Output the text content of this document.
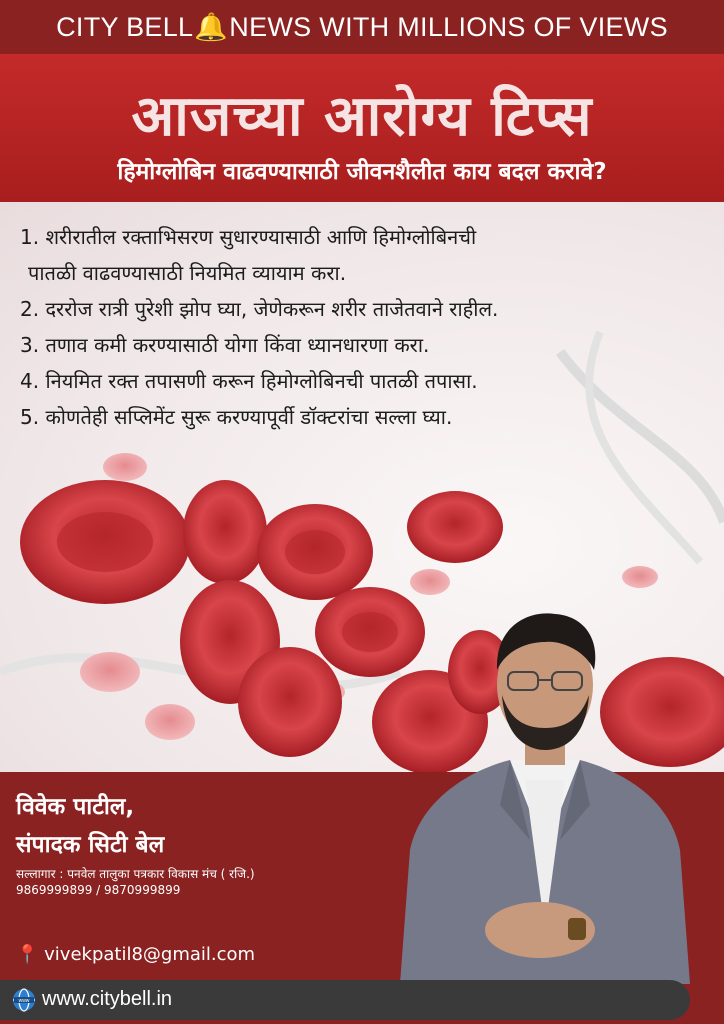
CITY BELL🔔NEWS WITH MILLIONS OF VIEWS
आजच्या आरोग्य टिप्स
हिमोग्लोबिन वाढवण्यासाठी जीवनशैलीत काय बदल करावे?
1. शरीरातील रक्ताभिसरण सुधारण्यासाठी आणि हिमोग्लोबिनची
पातळी वाढवण्यासाठी नियमित व्यायाम करा.
2. दररोज रात्री पुरेशी झोप घ्या, जेणेकरून शरीर ताजेतवाने राहील.
3. तणाव कमी करण्यासाठी योगा किंवा ध्यानधारणा करा.
4. नियमित रक्त तपासणी करून हिमोग्लोबिनची पातळी तपासा.
5. कोणतेही सप्लिमेंट सुरू करण्यापूर्वी डॉक्टरांचा सल्ला घ्या.
विवेक पाटील,
संपादक सिटी बेल
सल्लागार : पनवेल तालुका पत्रकार विकास मंच ( रजि.)
9869999899 / 9870999899
📍 vivekpatil8@gmail.com
www www.citybell.in
